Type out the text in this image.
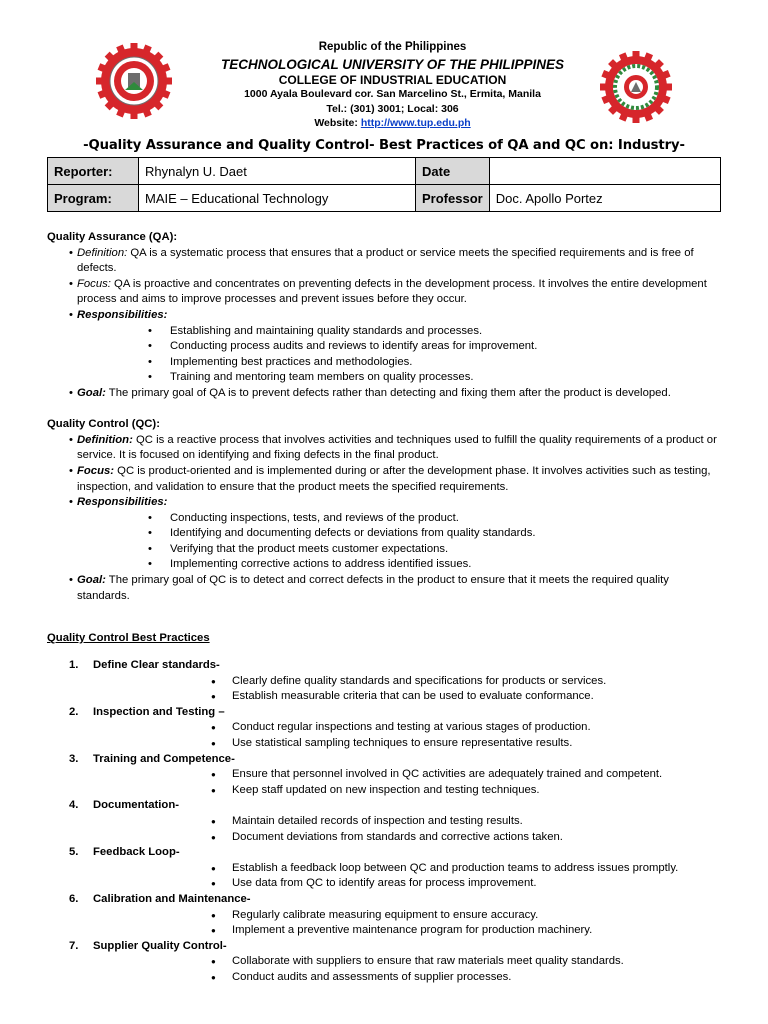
Republic of the Philippines
TECHNOLOGICAL UNIVERSITY OF THE PHILIPPINES
COLLEGE OF INDUSTRIAL EDUCATION
1000 Ayala Boulevard cor. San Marcelino St., Ermita, Manila
Tel.: (301) 3001; Local: 306
Website: http://www.tup.edu.ph
-Quality Assurance and Quality Control- Best Practices of QA and QC on: Industry-
Reporter:	Rhynalyn U. Daet	Date	
Program:	MAIE – Educational Technology	Professor	Doc. Apollo Portez

Quality Assurance (QA):

• Definition: QA is a systematic process that ensures that a product or service meets the specified requirements and is free of defects.
• Focus: QA is proactive and concentrates on preventing defects in the development process. It involves the entire development process and aims to improve processes and prevent issues before they occur.
• Responsibilities:
• Establishing and maintaining quality standards and processes.
• Conducting process audits and reviews to identify areas for improvement.
• Implementing best practices and methodologies.
• Training and mentoring team members on quality processes.
• Goal: The primary goal of QA is to prevent defects rather than detecting and fixing them after the product is developed.

Quality Control (QC):

• Definition: QC is a reactive process that involves activities and techniques used to fulfill the quality requirements of a product or service. It is focused on identifying and fixing defects in the final product.
• Focus: QC is product-oriented and is implemented during or after the development phase. It involves activities such as testing, inspection, and validation to ensure that the product meets the specified requirements.
• Responsibilities:
• Conducting inspections, tests, and reviews of the product.
• Identifying and documenting defects or deviations from quality standards.
• Verifying that the product meets customer expectations.
• Implementing corrective actions to address identified issues.
• Goal: The primary goal of QC is to detect and correct defects in the product to ensure that it meets the required quality standards.

Quality Control Best Practices

1. Define Clear standards-
● Clearly define quality standards and specifications for products or services.
● Establish measurable criteria that can be used to evaluate conformance.
2. Inspection and Testing –
● Conduct regular inspections and testing at various stages of production.
● Use statistical sampling techniques to ensure representative results.
3. Training and Competence-
● Ensure that personnel involved in QC activities are adequately trained and competent.
● Keep staff updated on new inspection and testing techniques.
4. Documentation-
● Maintain detailed records of inspection and testing results.
● Document deviations from standards and corrective actions taken.
5. Feedback Loop-
● Establish a feedback loop between QC and production teams to address issues promptly.
● Use data from QC to identify areas for process improvement.
6. Calibration and Maintenance-
● Regularly calibrate measuring equipment to ensure accuracy.
● Implement a preventive maintenance program for production machinery.
7. Supplier Quality Control-
● Collaborate with suppliers to ensure that raw materials meet quality standards.
● Conduct audits and assessments of supplier processes.
